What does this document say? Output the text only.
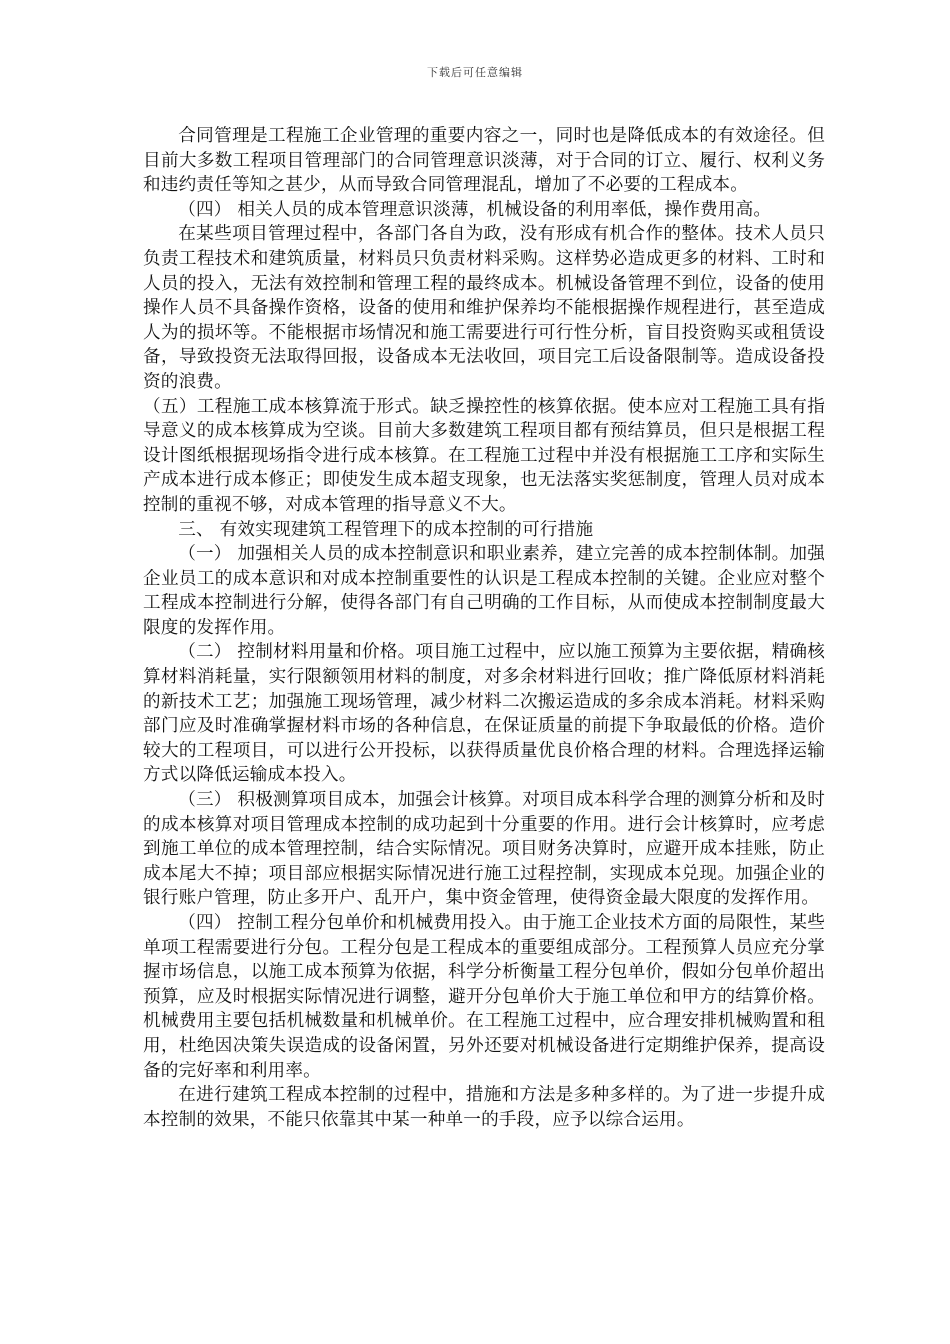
下载后可任意编辑

合同管理是工程施工企业管理的重要内容之一，同时也是降低成本的有效途径。但目前大多数工程项目管理部门的合同管理意识淡薄，对于合同的订立、履行、权利义务和违约责任等知之甚少，从而导致合同管理混乱，增加了不必要的工程成本。

（四） 相关人员的成本管理意识淡薄，机械设备的利用率低，操作费用高。

在某些项目管理过程中，各部门各自为政，没有形成有机合作的整体。技术人员只负责工程技术和建筑质量，材料员只负责材料采购。这样势必造成更多的材料、工时和人员的投入，无法有效控制和管理工程的最终成本。机械设备管理不到位，设备的使用操作人员不具备操作资格，设备的使用和维护保养均不能根据操作规程进行，甚至造成人为的损坏等。不能根据市场情况和施工需要进行可行性分析，盲目投资购买或租赁设备，导致投资无法取得回报，设备成本无法收回，项目完工后设备限制等。造成设备投资的浪费。

（五）工程施工成本核算流于形式。缺乏操控性的核算依据。使本应对工程施工具有指导意义的成本核算成为空谈。目前大多数建筑工程项目都有预结算员，但只是根据工程设计图纸根据现场指令进行成本核算。在工程施工过程中并没有根据施工工序和实际生产成本进行成本修正；即使发生成本超支现象，也无法落实奖惩制度，管理人员对成本控制的重视不够，对成本管理的指导意义不大。

三、 有效实现建筑工程管理下的成本控制的可行措施

（一） 加强相关人员的成本控制意识和职业素养，建立完善的成本控制体制。加强企业员工的成本意识和对成本控制重要性的认识是工程成本控制的关键。企业应对整个工程成本控制进行分解，使得各部门有自己明确的工作目标，从而使成本控制制度最大限度的发挥作用。

（二） 控制材料用量和价格。项目施工过程中，应以施工预算为主要依据，精确核算材料消耗量，实行限额领用材料的制度，对多余材料进行回收；推广降低原材料消耗的新技术工艺；加强施工现场管理，减少材料二次搬运造成的多余成本消耗。材料采购部门应及时准确掌握材料市场的各种信息，在保证质量的前提下争取最低的价格。造价较大的工程项目，可以进行公开投标，以获得质量优良价格合理的材料。合理选择运输方式以降低运输成本投入。

（三） 积极测算项目成本，加强会计核算。对项目成本科学合理的测算分析和及时的成本核算对项目管理成本控制的成功起到十分重要的作用。进行会计核算时，应考虑到施工单位的成本管理控制，结合实际情况。项目财务决算时，应避开成本挂账，防止成本尾大不掉；项目部应根据实际情况进行施工过程控制，实现成本兑现。加强企业的银行账户管理，防止多开户、乱开户，集中资金管理，使得资金最大限度的发挥作用。

（四） 控制工程分包单价和机械费用投入。由于施工企业技术方面的局限性，某些单项工程需要进行分包。工程分包是工程成本的重要组成部分。工程预算人员应充分掌握市场信息，以施工成本预算为依据，科学分析衡量工程分包单价，假如分包单价超出预算，应及时根据实际情况进行调整，避开分包单价大于施工单位和甲方的结算价格。机械费用主要包括机械数量和机械单价。在工程施工过程中，应合理安排机械购置和租用，杜绝因决策失误造成的设备闲置，另外还要对机械设备进行定期维护保养，提高设备的完好率和利用率。

在进行建筑工程成本控制的过程中，措施和方法是多种多样的。为了进一步提升成本控制的效果，不能只依靠其中某一种单一的手段，应予以综合运用。
